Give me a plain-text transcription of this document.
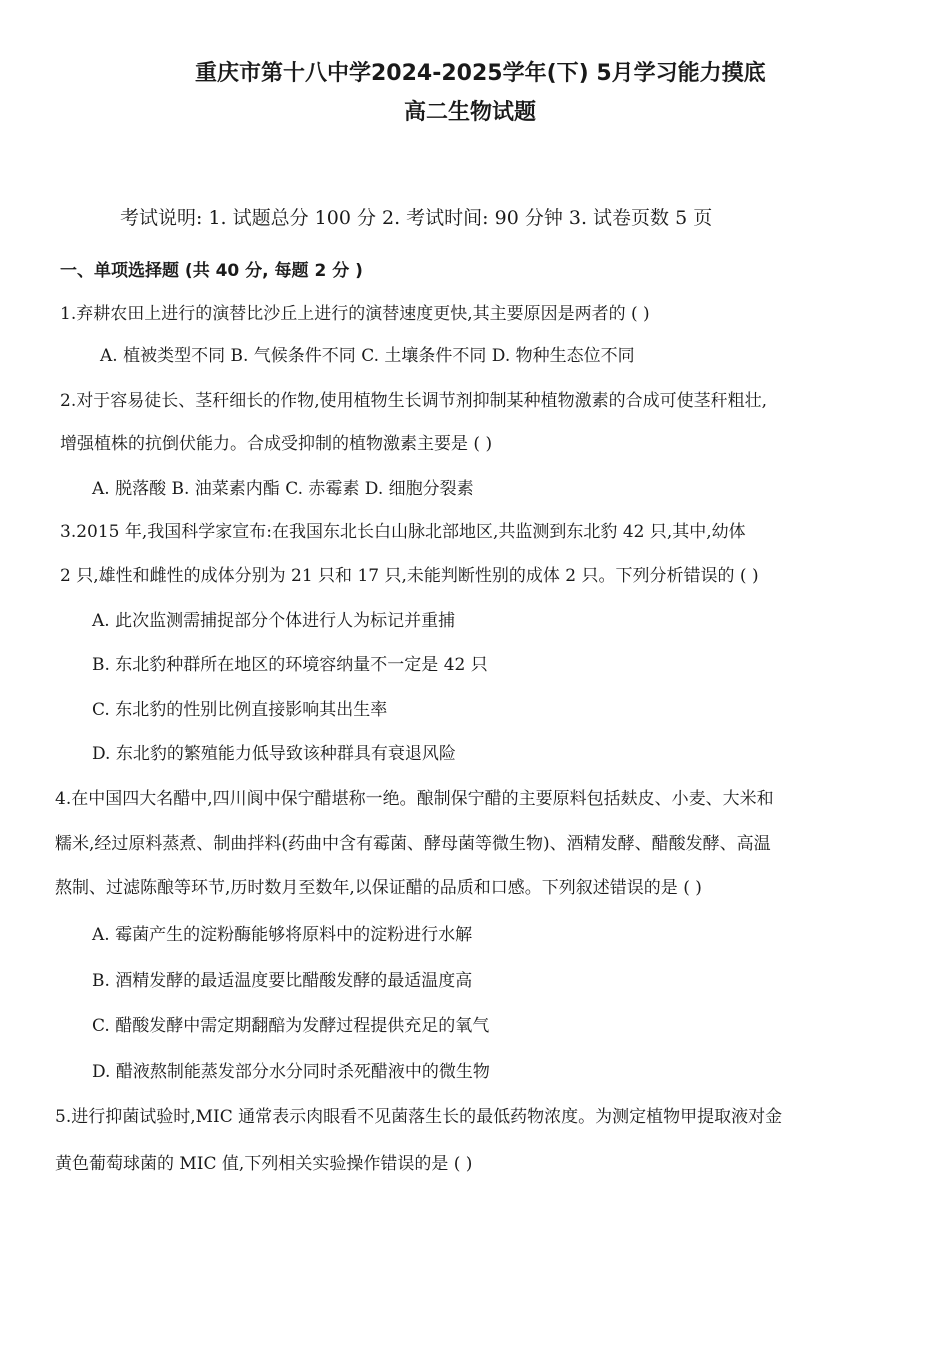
重庆市第十八中学2024-2025学年(下) 5月学习能力摸底
高二生物试题
考试说明: 1. 试题总分 100 分 2. 考试时间: 90 分钟 3. 试卷页数 5 页
一、单项选择题 (共 40 分, 每题 2 分 )
1.弃耕农田上进行的演替比沙丘上进行的演替速度更快,其主要原因是两者的 ( )
A. 植被类型不同 B. 气候条件不同 C. 土壤条件不同 D. 物种生态位不同
2.对于容易徒长、茎秆细长的作物,使用植物生长调节剂抑制某种植物激素的合成可使茎秆粗壮,
增强植株的抗倒伏能力。合成受抑制的植物激素主要是 ( )
A. 脱落酸 B. 油菜素内酯 C. 赤霉素 D. 细胞分裂素
3.2015 年,我国科学家宣布:在我国东北长白山脉北部地区,共监测到东北豹 42 只,其中,幼体
2 只,雄性和雌性的成体分别为 21 只和 17 只,未能判断性别的成体 2 只。下列分析错误的 ( )
A. 此次监测需捕捉部分个体进行人为标记并重捕
B. 东北豹种群所在地区的环境容纳量不一定是 42 只
C. 东北豹的性别比例直接影响其出生率
D. 东北豹的繁殖能力低导致该种群具有衰退风险
4.在中国四大名醋中,四川阆中保宁醋堪称一绝。酿制保宁醋的主要原料包括麸皮、小麦、大米和
糯米,经过原料蒸煮、制曲拌料(药曲中含有霉菌、酵母菌等微生物)、酒精发酵、醋酸发酵、高温
熬制、过滤陈酿等环节,历时数月至数年,以保证醋的品质和口感。下列叙述错误的是 ( )
A. 霉菌产生的淀粉酶能够将原料中的淀粉进行水解
B. 酒精发酵的最适温度要比醋酸发酵的最适温度高
C. 醋酸发酵中需定期翻醅为发酵过程提供充足的氧气
D. 醋液熬制能蒸发部分水分同时杀死醋液中的微生物
5.进行抑菌试验时,MIC 通常表示肉眼看不见菌落生长的最低药物浓度。为测定植物甲提取液对金
黄色葡萄球菌的 MIC 值,下列相关实验操作错误的是 ( )
